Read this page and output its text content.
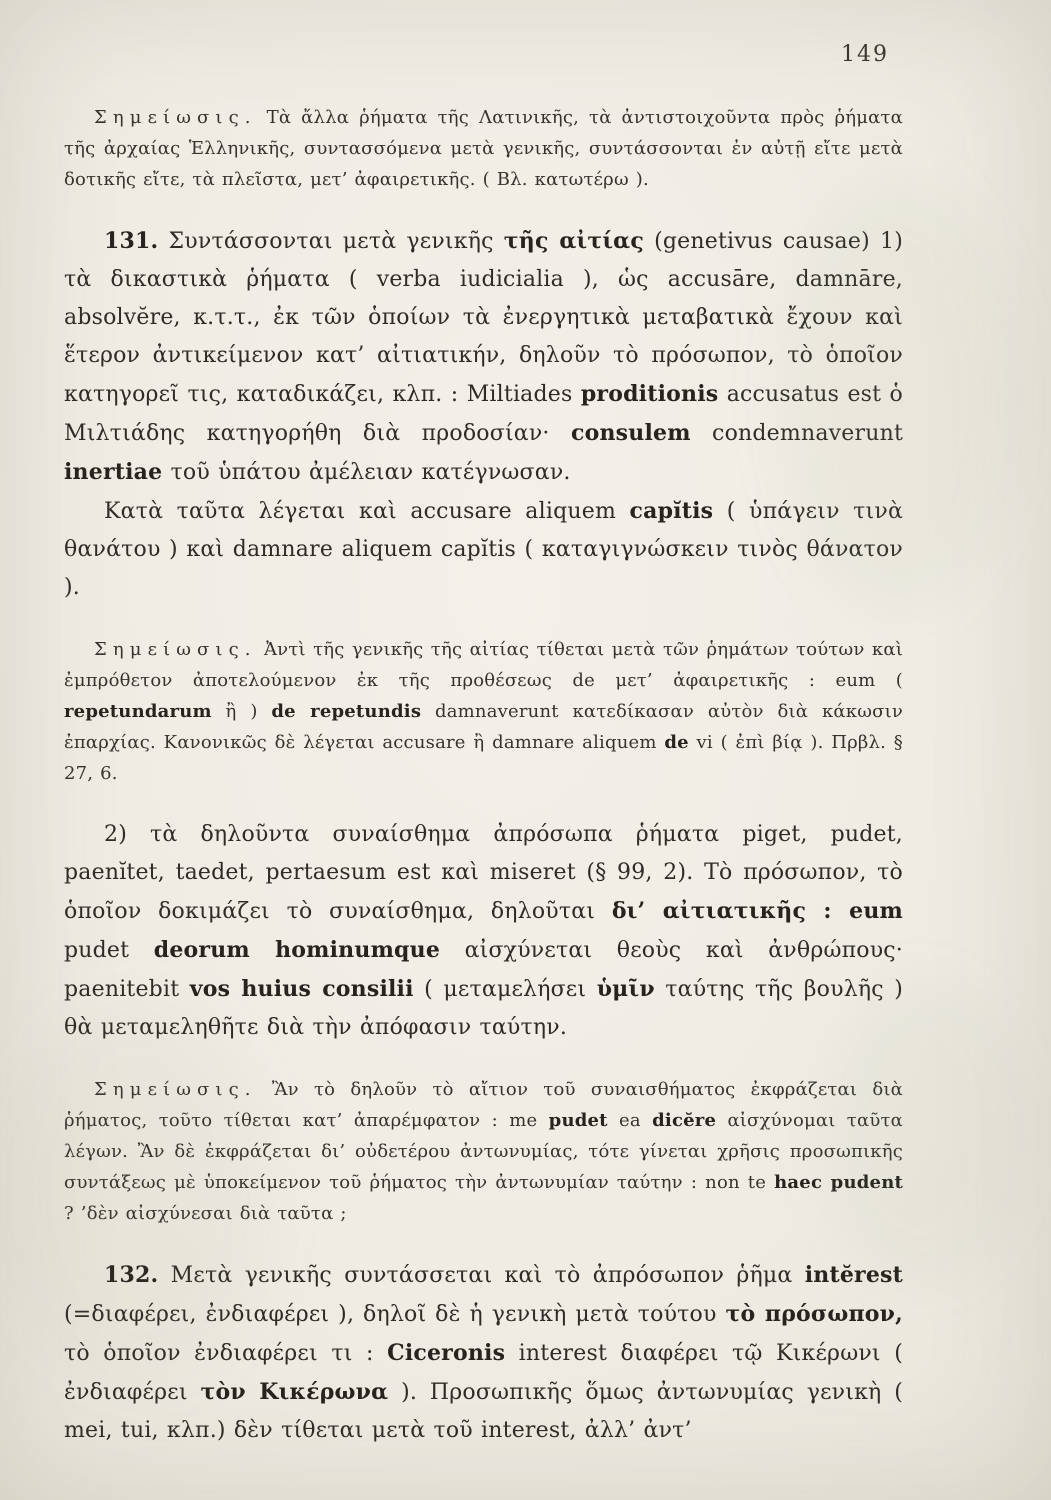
149

Σημείωσις. Τὰ ἄλλα ῥήματα τῆς Λατινικῆς, τὰ ἀντιστοιχοῦντα πρὸς ῥήματα τῆς ἀρχαίας Ἑλληνικῆς, συντασσόμενα μετὰ γενικῆς, συντάσσονται ἐν αὐτῇ εἴτε μετὰ δοτικῆς εἴτε, τὰ πλεῖστα, μετ’ ἀφαιρετικῆς. ( Βλ. κατωτέρω ).

131. Συντάσσονται μετὰ γενικῆς τῆς αἰτίας (genetivus causae) 1) τὰ δικαστικὰ ῥήματα ( verba iudicialia ), ὡς accusāre, damnāre, absolvĕre, κ.τ.τ., ἐκ τῶν ὁποίων τὰ ἐνεργητικὰ μεταβατικὰ ἔχουν καὶ ἕτερον ἀντικείμενον κατ’ αἰτιατικήν, δηλοῦν τὸ πρόσωπον, τὸ ὁποῖον κατηγορεῖ τις, καταδικάζει, κλπ. : Miltiades proditionis accusatus est ὁ Μιλτιάδης κατηγορήθη διὰ προδοσίαν· consulem condemnaverunt inertiae τοῦ ὑπάτου ἀμέλειαν κατέγνωσαν.

Κατὰ ταῦτα λέγεται καὶ accusare aliquem capĭtis ( ὑπάγειν τινὰ θανάτου ) καὶ damnare aliquem capĭtis ( καταγιγνώσκειν τινὸς θάνατον ).

Σημείωσις. Ἀντὶ τῆς γενικῆς τῆς αἰτίας τίθεται μετὰ τῶν ῥημάτων τούτων καὶ ἐμπρόθετον ἀποτελούμενον ἐκ τῆς προθέσεως de μετ’ ἀφαιρετικῆς : eum ( repetundarum ἢ ) de repetundis damnaverunt κατεδίκασαν αὐτὸν διὰ κάκωσιν ἐπαρχίας. Κανονικῶς δὲ λέγεται accusare ἢ damnare aliquem de vi ( ἐπὶ βίᾳ ). Πρβλ. § 27, 6.

2) τὰ δηλοῦντα συναίσθημα ἀπρόσωπα ῥήματα piget, pudet, paenĭtet, taedet, pertaesum est καὶ miseret (§ 99, 2). Τὸ πρόσωπον, τὸ ὁποῖον δοκιμάζει τὸ συναίσθημα, δηλοῦται δι’ αἰτιατικῆς : eum pudet deorum hominumque αἰσχύνεται θεοὺς καὶ ἀνθρώπους· paenitebit vos huius consilii ( μεταμελήσει ὑμῖν ταύτης τῆς βουλῆς ) θὰ μεταμεληθῆτε διὰ τὴν ἀπόφασιν ταύτην.

Σημείωσις. Ἂν τὸ δηλοῦν τὸ αἴτιον τοῦ συναισθήματος ἐκφράζεται διὰ ῥήματος, τοῦτο τίθεται κατ’ ἀπαρέμφατον : me pudet ea dicĕre αἰσχύνομαι ταῦτα λέγων. Ἂν δὲ ἐκφράζεται δι’ οὐδετέρου ἀντωνυμίας, τότε γίνεται χρῆσις προσωπικῆς συντάξεως μὲ ὑποκείμενον τοῦ ῥήματος τὴν ἀντωνυμίαν ταύτην : non te haec pudent ? ’δὲν αἰσχύνεσαι διὰ ταῦτα ;

132. Μετὰ γενικῆς συντάσσεται καὶ τὸ ἀπρόσωπον ῥῆμα intĕrest (=διαφέρει, ἐνδιαφέρει ), δηλοῖ δὲ ἡ γενικὴ μετὰ τούτου τὸ πρόσωπον, τὸ ὁποῖον ἐνδιαφέρει τι : Ciceronis interest διαφέρει τῷ Κικέρωνι ( ἐνδιαφέρει τὸν Κικέρωνα ). Προσωπικῆς ὅμως ἀντωνυμίας γενικὴ ( mei, tui, κλπ.) δὲν τίθεται μετὰ τοῦ interest, ἀλλ’ ἀντ’
